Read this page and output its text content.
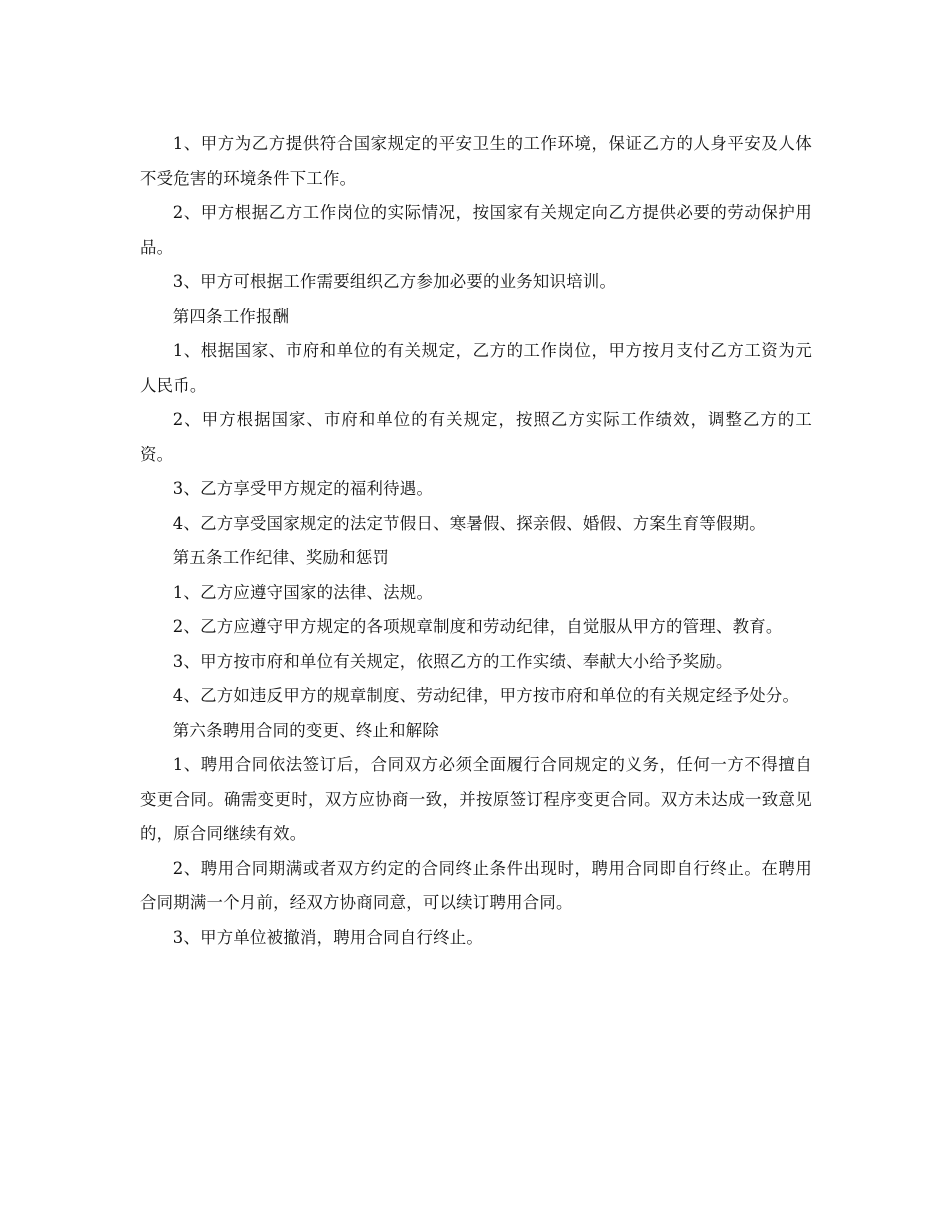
1、甲方为乙方提供符合国家规定的平安卫生的工作环境，保证乙方的人身平安及人体不受危害的环境条件下工作。

2、甲方根据乙方工作岗位的实际情况，按国家有关规定向乙方提供必要的劳动保护用品。

3、甲方可根据工作需要组织乙方参加必要的业务知识培训。

第四条工作报酬

1、根据国家、市府和单位的有关规定，乙方的工作岗位，甲方按月支付乙方工资为元人民币。

2、甲方根据国家、市府和单位的有关规定，按照乙方实际工作绩效，调整乙方的工资。

3、乙方享受甲方规定的福利待遇。

4、乙方享受国家规定的法定节假日、寒暑假、探亲假、婚假、方案生育等假期。

第五条工作纪律、奖励和惩罚

1、乙方应遵守国家的法律、法规。

2、乙方应遵守甲方规定的各项规章制度和劳动纪律，自觉服从甲方的管理、教育。

3、甲方按市府和单位有关规定，依照乙方的工作实绩、奉献大小给予奖励。

4、乙方如违反甲方的规章制度、劳动纪律，甲方按市府和单位的有关规定经予处分。

第六条聘用合同的变更、终止和解除

1、聘用合同依法签订后，合同双方必须全面履行合同规定的义务，任何一方不得擅自变更合同。确需变更时，双方应协商一致，并按原签订程序变更合同。双方未达成一致意见的，原合同继续有效。

2、聘用合同期满或者双方约定的合同终止条件出现时，聘用合同即自行终止。在聘用合同期满一个月前，经双方协商同意，可以续订聘用合同。

3、甲方单位被撤消，聘用合同自行终止。
